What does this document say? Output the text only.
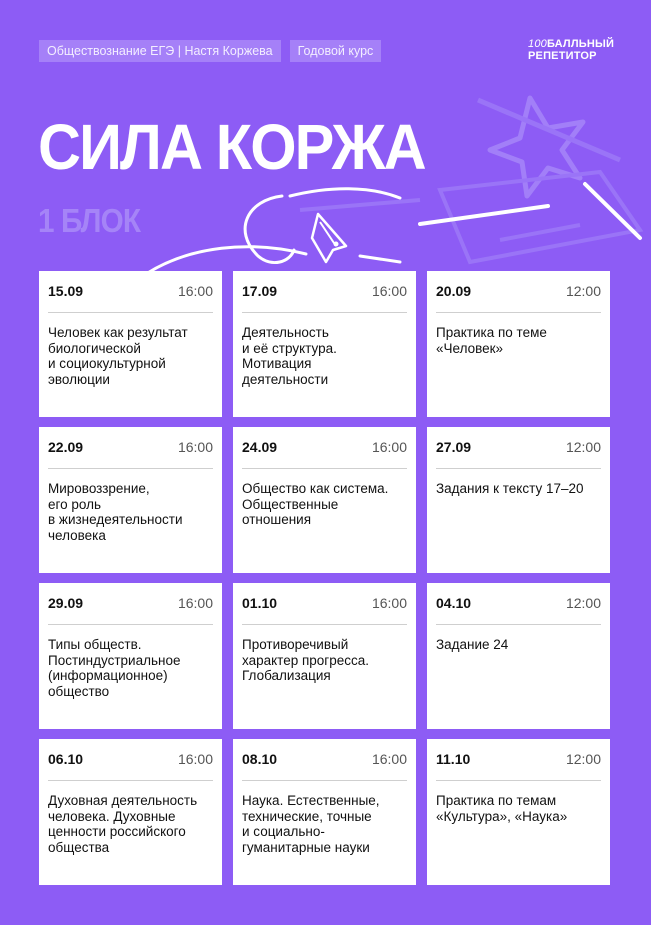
Обществознание ЕГЭ | Настя Коржева	Годовой курс	100БАЛЛЬНЫЙ
РЕПЕТИТОР
СИЛА КОРЖА
1 БЛОК
15.09	16:00
Человек как результат
биологической
и социокультурной
эволюции
17.09	16:00
Деятельность
и её структура.
Мотивация
деятельности
20.09	12:00
Практика по теме
«Человек»
22.09	16:00
Мировоззрение,
его роль
в жизнедеятельности
человека
24.09	16:00
Общество как система.
Общественные
отношения
27.09	12:00
Задания к тексту 17–20
29.09	16:00
Типы обществ.
Постиндустриальное
(информационное)
общество
01.10	16:00
Противоречивый
характер прогресса.
Глобализация
04.10	12:00
Задание 24
06.10	16:00
Духовная деятельность
человека. Духовные
ценности российского
общества
08.10	16:00
Наука. Естественные,
технические, точные
и социально-
гуманитарные науки
11.10	12:00
Практика по темам
«Культура», «Наука»
